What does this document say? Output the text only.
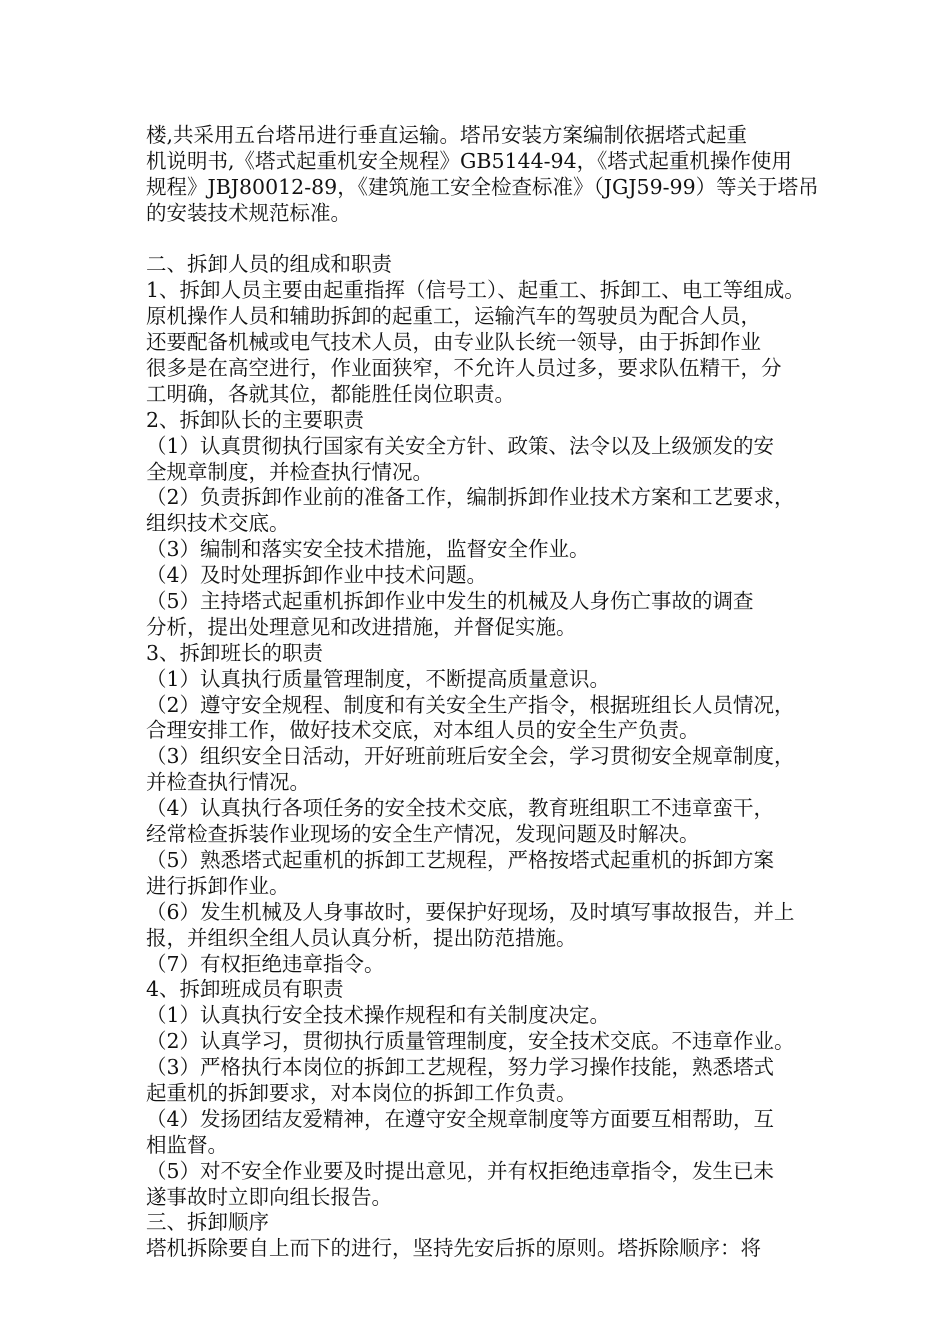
楼,共采用五台塔吊进行垂直运输。塔吊安装方案编制依据塔式起重
机说明书,《塔式起重机安全规程》GB5144-94，《塔式起重机操作使用
规程》JBJ80012-89，《建筑施工安全检查标准》（JGJ59-99）等关于塔吊
的安装技术规范标准。
二、拆卸人员的组成和职责
1、拆卸人员主要由起重指挥（信号工）、起重工、拆卸工、电工等组成。
原机操作人员和辅助拆卸的起重工，运输汽车的驾驶员为配合人员，
还要配备机械或电气技术人员，由专业队长统一领导，由于拆卸作业
很多是在高空进行，作业面狭窄，不允许人员过多，要求队伍精干，分
工明确，各就其位，都能胜任岗位职责。
2、拆卸队长的主要职责
（1）认真贯彻执行国家有关安全方针、政策、法令以及上级颁发的安
全规章制度，并检查执行情况。
（2）负责拆卸作业前的准备工作，编制拆卸作业技术方案和工艺要求，
组织技术交底。
（3）编制和落实安全技术措施，监督安全作业。
（4）及时处理拆卸作业中技术问题。
（5）主持塔式起重机拆卸作业中发生的机械及人身伤亡事故的调查
分析，提出处理意见和改进措施，并督促实施。
3、拆卸班长的职责
（1）认真执行质量管理制度，不断提高质量意识。
（2）遵守安全规程、制度和有关安全生产指令，根据班组长人员情况，
合理安排工作，做好技术交底，对本组人员的安全生产负责。
（3）组织安全日活动，开好班前班后安全会，学习贯彻安全规章制度，
并检查执行情况。
（4）认真执行各项任务的安全技术交底，教育班组职工不违章蛮干，
经常检查拆装作业现场的安全生产情况，发现问题及时解决。
（5）熟悉塔式起重机的拆卸工艺规程，严格按塔式起重机的拆卸方案
进行拆卸作业。
（6）发生机械及人身事故时，要保护好现场，及时填写事故报告，并上
报，并组织全组人员认真分析，提出防范措施。
（7）有权拒绝违章指令。
4、拆卸班成员有职责
（1）认真执行安全技术操作规程和有关制度决定。
（2）认真学习，贯彻执行质量管理制度，安全技术交底。不违章作业。
（3）严格执行本岗位的拆卸工艺规程，努力学习操作技能，熟悉塔式
起重机的拆卸要求，对本岗位的拆卸工作负责。
（4）发扬团结友爱精神，在遵守安全规章制度等方面要互相帮助，互
相监督。
（5）对不安全作业要及时提出意见，并有权拒绝违章指令，发生已未
遂事故时立即向组长报告。
三、拆卸顺序
塔机拆除要自上而下的进行，坚持先安后拆的原则。塔拆除顺序：将
